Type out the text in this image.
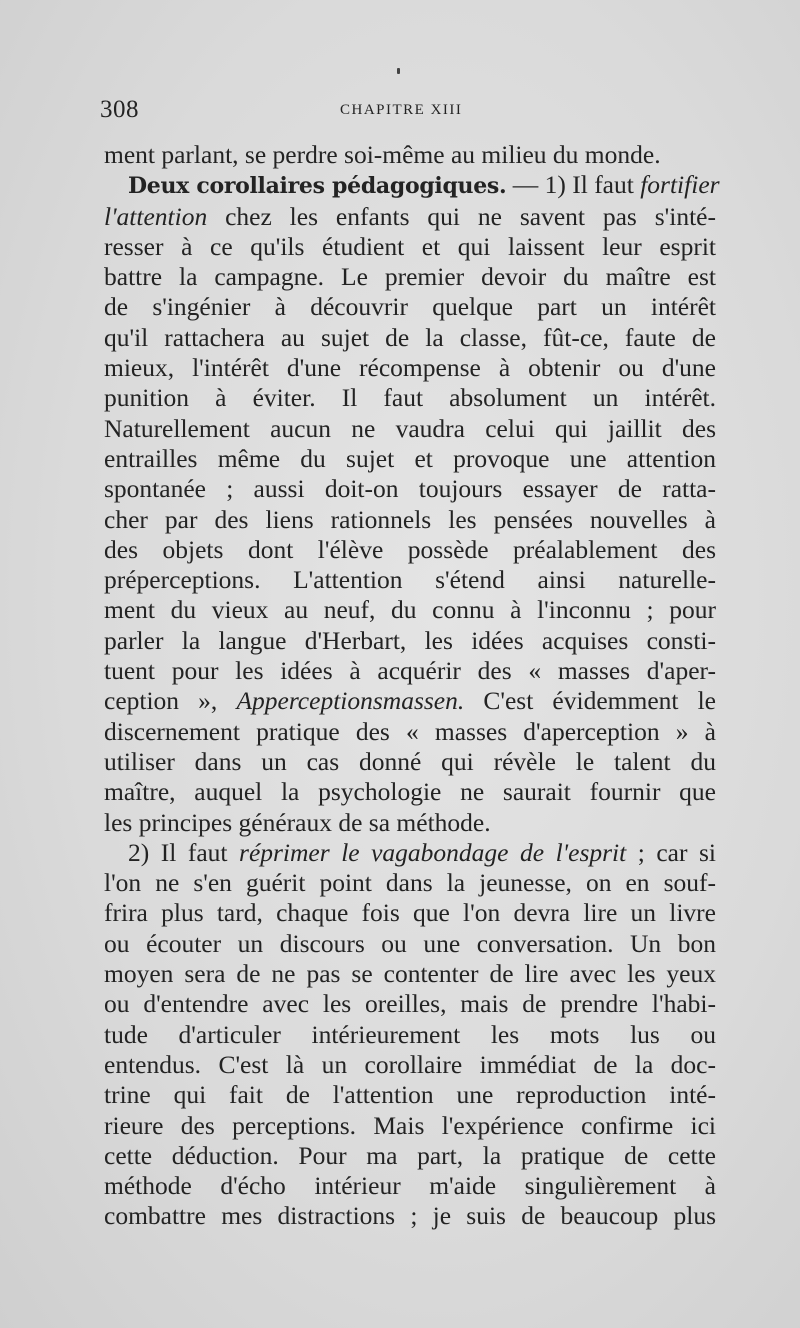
308	CHAPITRE XIII
ment parlant, se perdre soi-même au milieu du monde.
Deux corollaires pédagogiques. — 1) Il faut fortifier
l'attention chez les enfants qui ne savent pas s'inté-
resser à ce qu'ils étudient et qui laissent leur esprit
battre la campagne. Le premier devoir du maître est
de s'ingénier à découvrir quelque part un intérêt
qu'il rattachera au sujet de la classe, fût-ce, faute de
mieux, l'intérêt d'une récompense à obtenir ou d'une
punition à éviter. Il faut absolument un intérêt.
Naturellement aucun ne vaudra celui qui jaillit des
entrailles même du sujet et provoque une attention
spontanée ; aussi doit-on toujours essayer de ratta-
cher par des liens rationnels les pensées nouvelles à
des objets dont l'élève possède préalablement des
préperceptions. L'attention s'étend ainsi naturelle-
ment du vieux au neuf, du connu à l'inconnu ; pour
parler la langue d'Herbart, les idées acquises consti-
tuent pour les idées à acquérir des « masses d'aper-
ception », Apperceptionsmassen. C'est évidemment le
discernement pratique des « masses d'aperception » à
utiliser dans un cas donné qui révèle le talent du
maître, auquel la psychologie ne saurait fournir que
les principes généraux de sa méthode.
2) Il faut réprimer le vagabondage de l'esprit ; car si
l'on ne s'en guérit point dans la jeunesse, on en souf-
frira plus tard, chaque fois que l'on devra lire un livre
ou écouter un discours ou une conversation. Un bon
moyen sera de ne pas se contenter de lire avec les yeux
ou d'entendre avec les oreilles, mais de prendre l'habi-
tude d'articuler intérieurement les mots lus ou
entendus. C'est là un corollaire immédiat de la doc-
trine qui fait de l'attention une reproduction inté-
rieure des perceptions. Mais l'expérience confirme ici
cette déduction. Pour ma part, la pratique de cette
méthode d'écho intérieur m'aide singulièrement à
combattre mes distractions ; je suis de beaucoup plus
